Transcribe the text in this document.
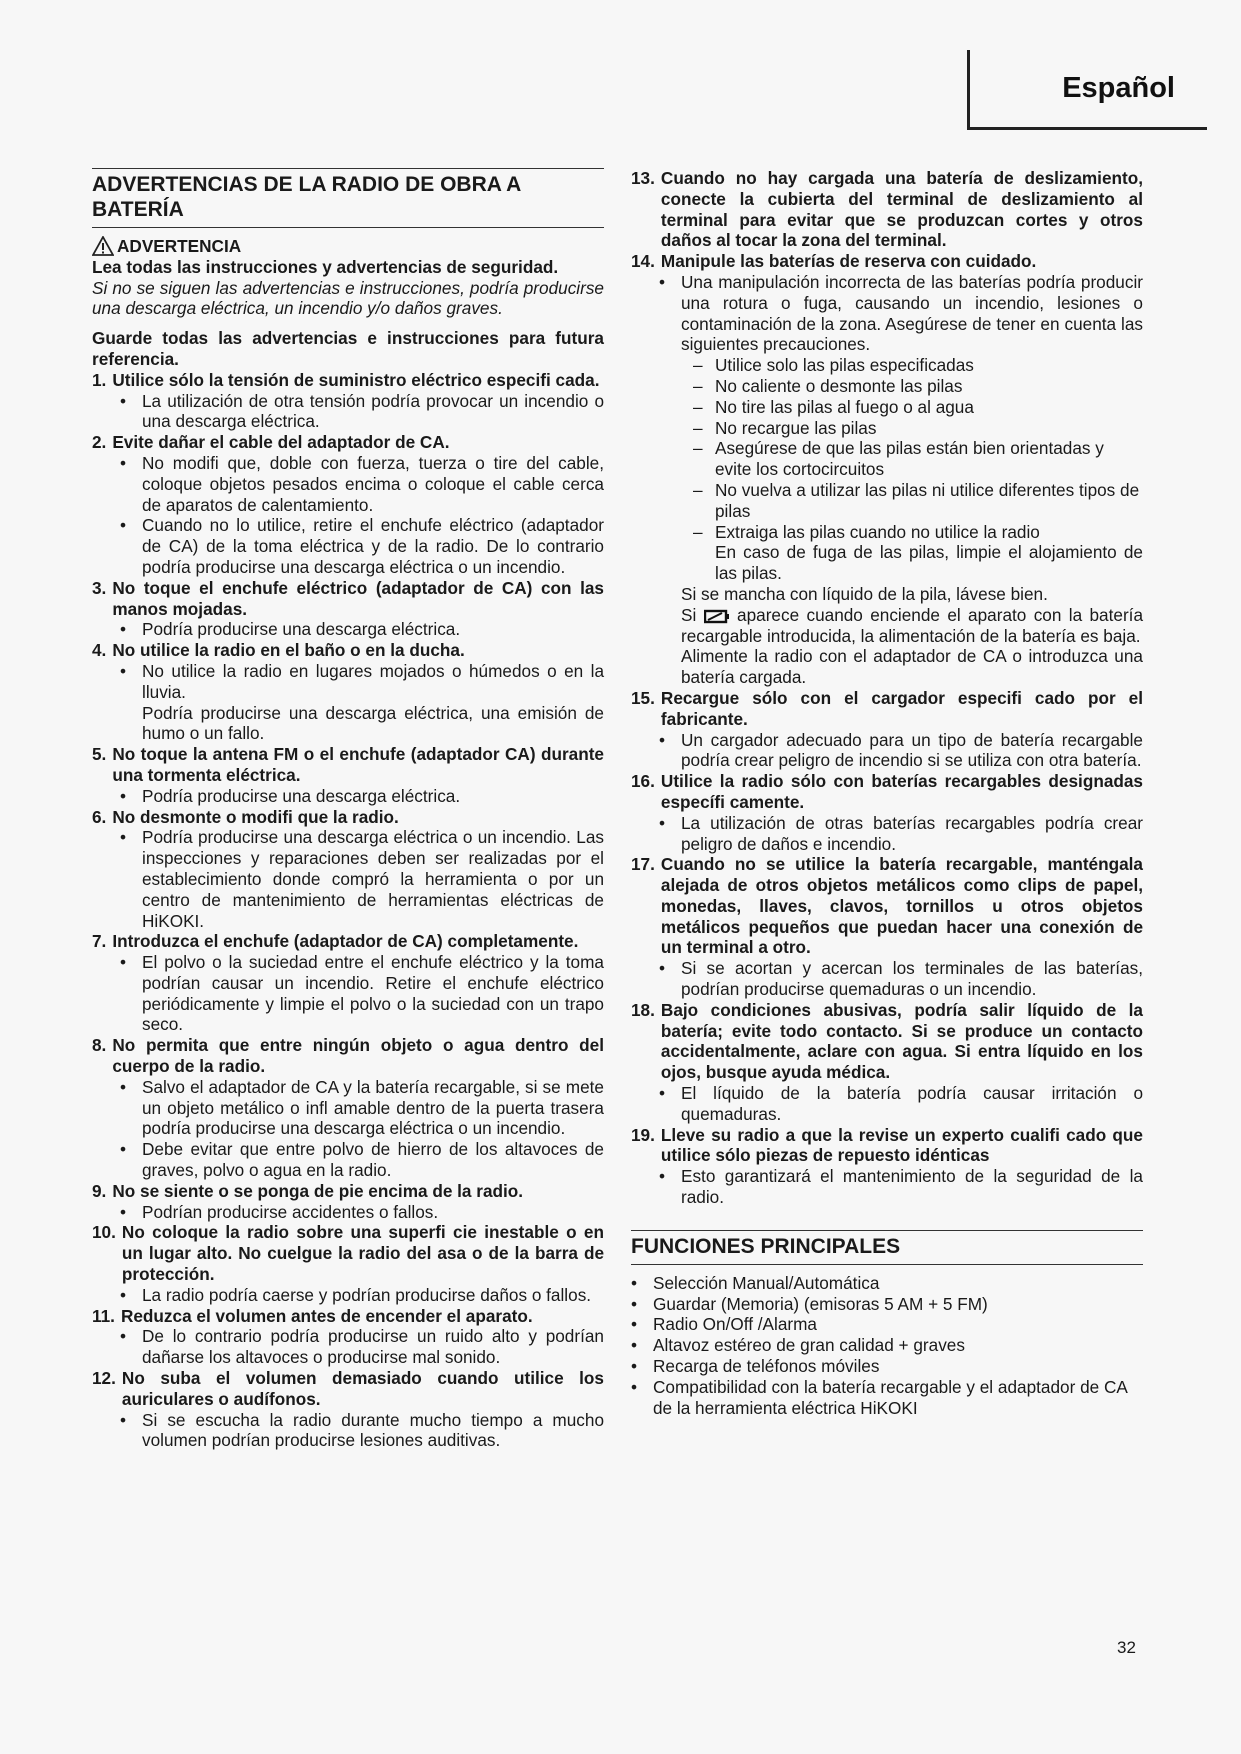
Español
ADVERTENCIAS DE LA RADIO DE OBRA A BATERÍA
ADVERTENCIA

Lea todas las instrucciones y advertencias de seguridad.

Si no se siguen las advertencias e instrucciones, podría producirse una descarga eléctrica, un incendio y/o daños graves.

Guarde todas las advertencias e instrucciones para futura referencia.

1. Utilice sólo la tensión de suministro eléctrico especifi cada.
• La utilización de otra tensión podría provocar un incendio o una descarga eléctrica.
2. Evite dañar el cable del adaptador de CA.
• No modifi que, doble con fuerza, tuerza o tire del cable, coloque objetos pesados encima o coloque el cable cerca de aparatos de calentamiento.
• Cuando no lo utilice, retire el enchufe eléctrico (adaptador de CA) de la toma eléctrica y de la radio. De lo contrario podría producirse una descarga eléctrica o un incendio.
3. No toque el enchufe eléctrico (adaptador de CA) con las manos mojadas.
• Podría producirse una descarga eléctrica.
4. No utilice la radio en el baño o en la ducha.
• No utilice la radio en lugares mojados o húmedos o en la lluvia.

Podría producirse una descarga eléctrica, una emisión de humo o un fallo.

5. No toque la antena FM o el enchufe (adaptador CA) durante una tormenta eléctrica.
• Podría producirse una descarga eléctrica.
6. No desmonte o modifi que la radio.
• Podría producirse una descarga eléctrica o un incendio. Las inspecciones y reparaciones deben ser realizadas por el establecimiento donde compró la herramienta o por un centro de mantenimiento de herramientas eléctricas de HiKOKI.
7. Introduzca el enchufe (adaptador de CA) completamente.
• El polvo o la suciedad entre el enchufe eléctrico y la toma podrían causar un incendio. Retire el enchufe eléctrico periódicamente y limpie el polvo o la suciedad con un trapo seco.
8. No permita que entre ningún objeto o agua dentro del cuerpo de la radio.
• Salvo el adaptador de CA y la batería recargable, si se mete un objeto metálico o infl amable dentro de la puerta trasera podría producirse una descarga eléctrica o un incendio.
• Debe evitar que entre polvo de hierro de los altavoces de graves, polvo o agua en la radio.
9. No se siente o se ponga de pie encima de la radio.
• Podrían producirse accidentes o fallos.
10. No coloque la radio sobre una superfi cie inestable o en un lugar alto. No cuelgue la radio del asa o de la barra de protección.
• La radio podría caerse y podrían producirse daños o fallos.
11. Reduzca el volumen antes de encender el aparato.
• De lo contrario podría producirse un ruido alto y podrían dañarse los altavoces o producirse mal sonido.
12. No suba el volumen demasiado cuando utilice los auriculares o audífonos.
• Si se escucha la radio durante mucho tiempo a mucho volumen podrían producirse lesiones auditivas.
13. Cuando no hay cargada una batería de deslizamiento, conecte la cubierta del terminal de deslizamiento al terminal para evitar que se produzcan cortes y otros daños al tocar la zona del terminal.
14. Manipule las baterías de reserva con cuidado.
• Una manipulación incorrecta de las baterías podría producir una rotura o fuga, causando un incendio, lesiones o contaminación de la zona. Asegúrese de tener en cuenta las siguientes precauciones.
– Utilice solo las pilas especificadas
– No caliente o desmonte las pilas
– No tire las pilas al fuego o al agua
– No recargue las pilas
– Asegúrese de que las pilas están bien orientadas y evite los cortocircuitos
– No vuelva a utilizar las pilas ni utilice diferentes tipos de pilas
– Extraiga las pilas cuando no utilice la radio

En caso de fuga de las pilas, limpie el alojamiento de las pilas.

Si se mancha con líquido de la pila, lávese bien.

Si aparece cuando enciende el aparato con la batería recargable introducida, la alimentación de la batería es baja.

Alimente la radio con el adaptador de CA o introduzca una batería cargada.

15. Recargue sólo con el cargador especifi cado por el fabricante.
• Un cargador adecuado para un tipo de batería recargable podría crear peligro de incendio si se utiliza con otra batería.
16. Utilice la radio sólo con baterías recargables designadas específi camente.
• La utilización de otras baterías recargables podría crear peligro de daños e incendio.
17. Cuando no se utilice la batería recargable, manténgala alejada de otros objetos metálicos como clips de papel, monedas, llaves, clavos, tornillos u otros objetos metálicos pequeños que puedan hacer una conexión de un terminal a otro.
• Si se acortan y acercan los terminales de las baterías, podrían producirse quemaduras o un incendio.
18. Bajo condiciones abusivas, podría salir líquido de la batería; evite todo contacto. Si se produce un contacto accidentalmente, aclare con agua. Si entra líquido en los ojos, busque ayuda médica.
• El líquido de la batería podría causar irritación o quemaduras.
19. Lleve su radio a que la revise un experto cualifi cado que utilice sólo piezas de repuesto idénticas
• Esto garantizará el mantenimiento de la seguridad de la radio.
FUNCIONES PRINCIPALES
• Selección Manual/Automática
• Guardar (Memoria) (emisoras 5 AM + 5 FM)
• Radio On/Off /Alarma
• Altavoz estéreo de gran calidad + graves
• Recarga de teléfonos móviles
• Compatibilidad con la batería recargable y el adaptador de CA de la herramienta eléctrica HiKOKI
32
